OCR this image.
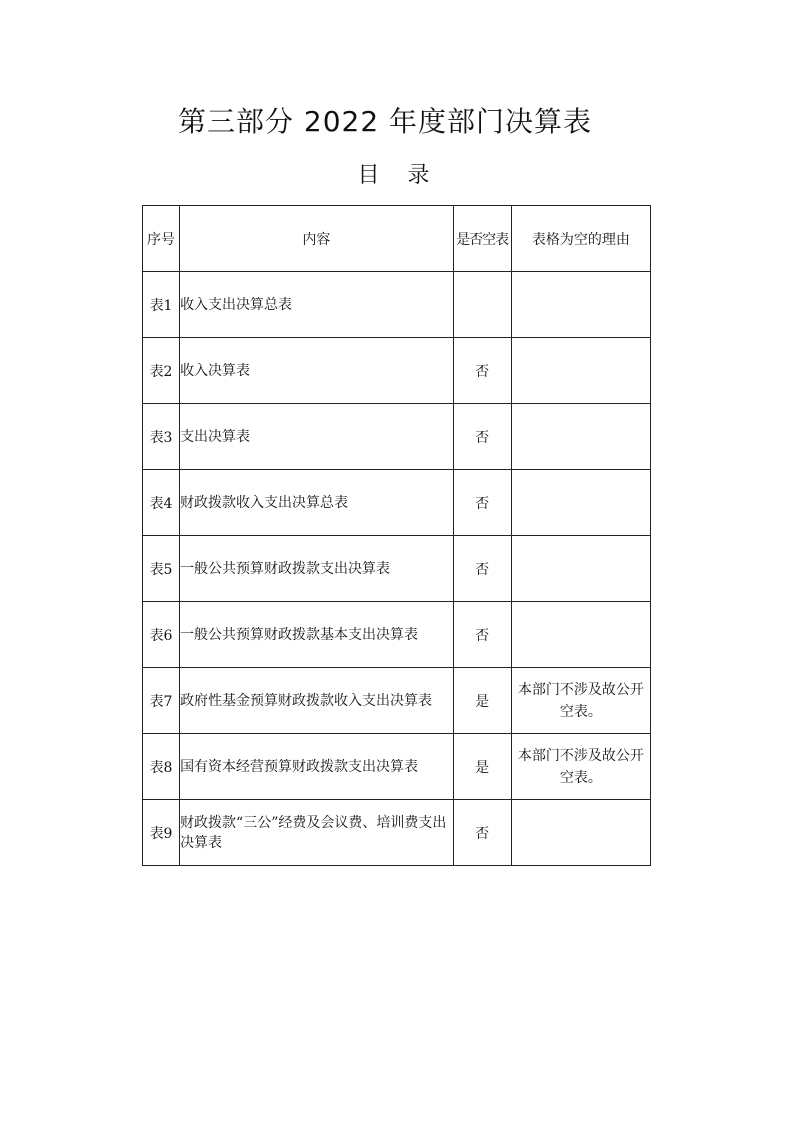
第三部分 2022 年度部门决算表
目录
序号	内容	是否空表	表格为空的理由
表1	收入支出决算总表		
表2	收入决算表	否	
表3	支出决算表	否	
表4	财政拨款收入支出决算总表	否	
表5	一般公共预算财政拨款支出决算表	否	
表6	一般公共预算财政拨款基本支出决算表	否	
表7	政府性基金预算财政拨款收入支出决算表	是	本部门不涉及故公开空表。
表8	国有资本经营预算财政拨款支出决算表	是	本部门不涉及故公开空表。
表9	财政拨款“三公”经费及会议费、培训费支出决算表	否	
